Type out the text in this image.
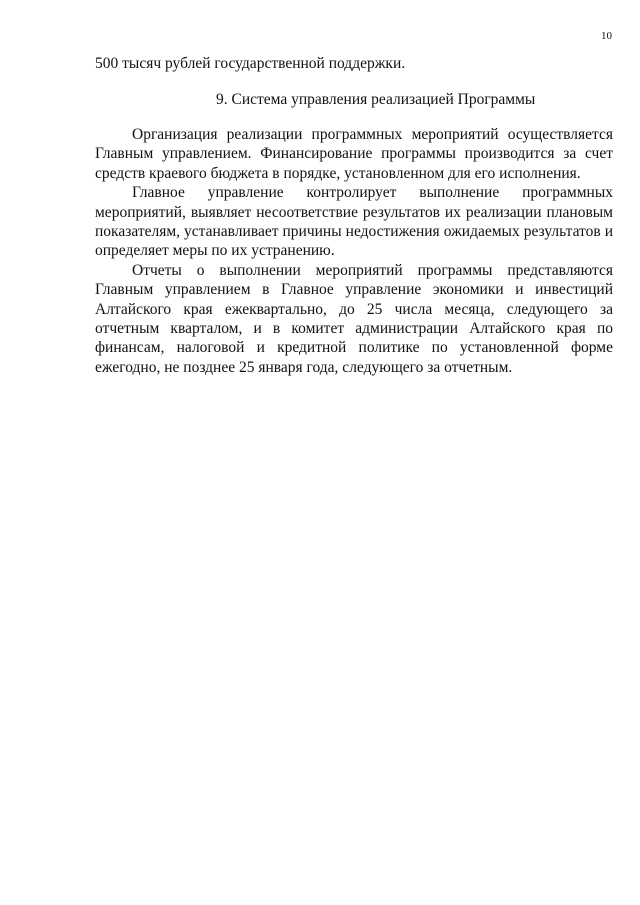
10
500 тысяч рублей государственной поддержки.
9. Система управления реализацией Программы

Организация реализации программных мероприятий осуществляется Главным управлением. Финансирование программы производится за счет средств краевого бюджета в порядке, установленном для его исполнения.

Главное управление контролирует выполнение программных мероприятий, выявляет несоответствие результатов их реализации плановым показателям, устанавливает причины недостижения ожидаемых результатов и определяет меры по их устранению.

Отчеты о выполнении мероприятий программы представляются Главным управлением в Главное управление экономики и инвестиций Алтайского края ежеквартально, до 25 числа месяца, следующего за отчетным кварталом, и в комитет администрации Алтайского края по финансам, налоговой и кредитной политике по установленной форме ежегодно, не позднее 25 января года, следующего за отчетным.
